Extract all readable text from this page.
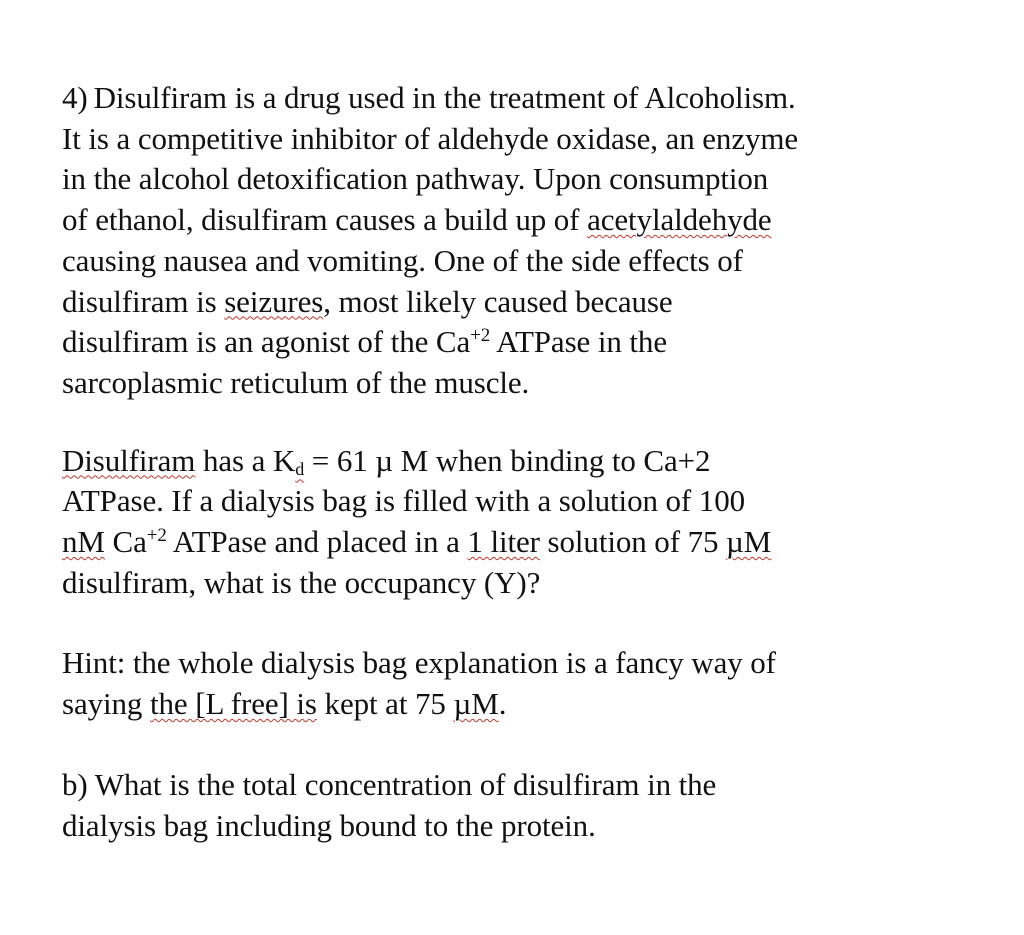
4) Disulfiram is a drug used in the treatment of Alcoholism.
It is a competitive inhibitor of aldehyde oxidase, an enzyme
in the alcohol detoxification pathway. Upon consumption
of ethanol, disulfiram causes a build up of acetylaldehyde
causing nausea and vomiting. One of the side effects of
disulfiram is seizures, most likely caused because
disulfiram is an agonist of the $Ca^{+2}$ ATPase in the
sarcoplasmic reticulum of the muscle.
Disulfiram has a $K_d = 61$ µ M when binding to Ca+2
ATPase. If a dialysis bag is filled with a solution of 100
nM $Ca^{+2}$ ATPase and placed in a 1 liter solution of 75 µM
disulfiram, what is the occupancy (Y)?
Hint: the whole dialysis bag explanation is a fancy way of
saying the [L free] is kept at 75 µM.
b) What is the total concentration of disulfiram in the
dialysis bag including bound to the protein.
